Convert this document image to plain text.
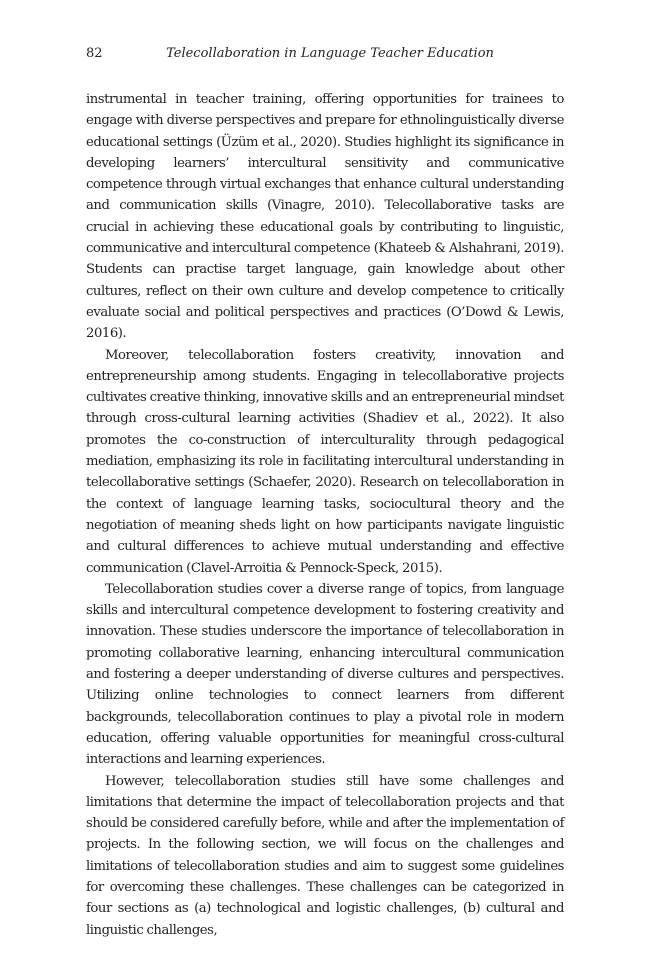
82	Telecollaboration in Language Teacher Education

instrumental in teacher training, offering opportunities for trainees to engage with diverse perspectives and prepare for ethnolinguistically diverse educational settings (Üzüm et al., 2020). Studies highlight its significance in developing learners’ intercultural sensitivity and communicative competence through virtual exchanges that enhance cultural understanding and communication skills (Vinagre, 2010). Telecollaborative tasks are crucial in achieving these educational goals by contributing to linguistic, communicative and intercultural competence (Khateeb & Alshahrani, 2019). Students can practise target language, gain knowledge about other cultures, reflect on their own culture and develop competence to critically evaluate social and political perspectives and practices (O’Dowd & Lewis, 2016).

Moreover, telecollaboration fosters creativity, innovation and entrepreneurship among students. Engaging in telecollaborative projects cultivates creative thinking, innovative skills and an entrepreneurial mindset through cross-cultural learning activities (Shadiev et al., 2022). It also promotes the co-construction of interculturality through pedagogical mediation, emphasizing its role in facilitating intercultural understanding in telecollaborative settings (Schaefer, 2020). Research on telecollaboration in the context of language learning tasks, sociocultural theory and the negotiation of meaning sheds light on how participants navigate linguistic and cultural differences to achieve mutual understanding and effective communication (Clavel-Arroitia & Pennock-Speck, 2015).

Telecollaboration studies cover a diverse range of topics, from language skills and intercultural competence development to fostering creativity and innovation. These studies underscore the importance of telecollaboration in promoting collaborative learning, enhancing intercultural communication and fostering a deeper understanding of diverse cultures and perspectives. Utilizing online technologies to connect learners from different backgrounds, telecollaboration continues to play a pivotal role in modern education, offering valuable opportunities for meaningful cross-cultural interactions and learning experiences.

However, telecollaboration studies still have some challenges and limitations that determine the impact of telecollaboration projects and that should be considered carefully before, while and after the implementation of projects. In the following section, we will focus on the challenges and limitations of telecollaboration studies and aim to suggest some guidelines for overcoming these challenges. These challenges can be categorized in four sections as (a) technological and logistic challenges, (b) cultural and linguistic challenges,
